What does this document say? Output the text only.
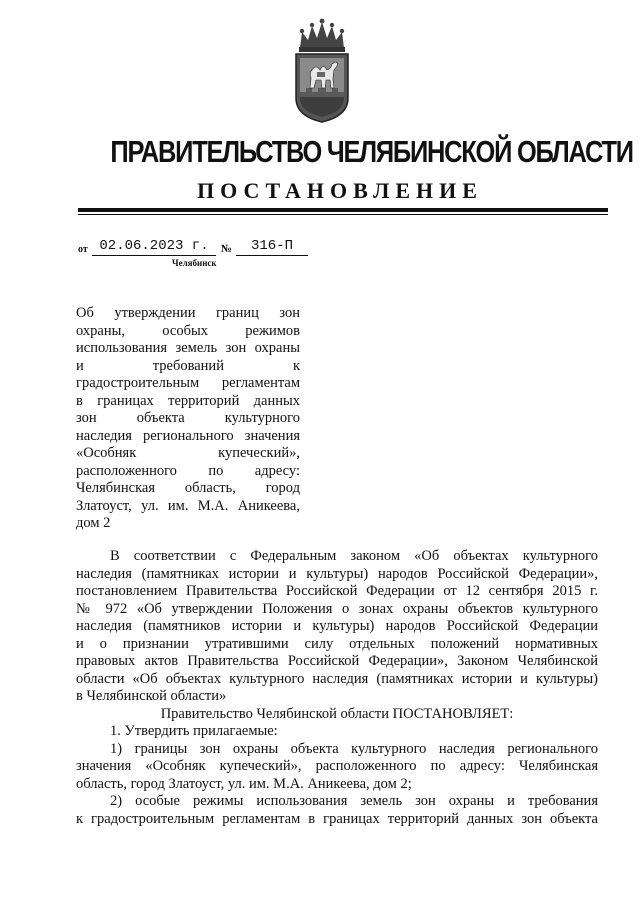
ПРАВИТЕЛЬСТВО ЧЕЛЯБИНСКОЙ ОБЛАСТИ
ПОСТАНОВЛЕНИЕ
от 02.06.2023 г.	№	316-П
Челябинск
Об утверждении границ зон
охраны, особых режимов
использования земель зон охраны
и требований к
градостроительным регламентам
в границах территорий данных
зон объекта культурного
наследия регионального значения
«Особняк купеческий»,
расположенного по адресу:
Челябинская область, город
Златоуст, ул. им. М.А. Аникеева,
дом 2
В соответствии с Федеральным законом «Об объектах культурного
наследия (памятниках истории и культуры) народов Российской Федерации»,
постановлением Правительства Российской Федерации от 12 сентября 2015 г.
№ 972 «Об утверждении Положения о зонах охраны объектов культурного
наследия (памятников истории и культуры) народов Российской Федерации
и о признании утратившими силу отдельных положений нормативных
правовых актов Правительства Российской Федерации», Законом Челябинской
области «Об объектах культурного наследия (памятниках истории и культуры)
в Челябинской области»
Правительство Челябинской области ПОСТАНОВЛЯЕТ:
1. Утвердить прилагаемые:
1) границы зон охраны объекта культурного наследия регионального
значения «Особняк купеческий», расположенного по адресу: Челябинская
область, город Златоуст, ул. им. М.А. Аникеева, дом 2;
2) особые режимы использования земель зон охраны и требования
к градостроительным регламентам в границах территорий данных зон объекта
